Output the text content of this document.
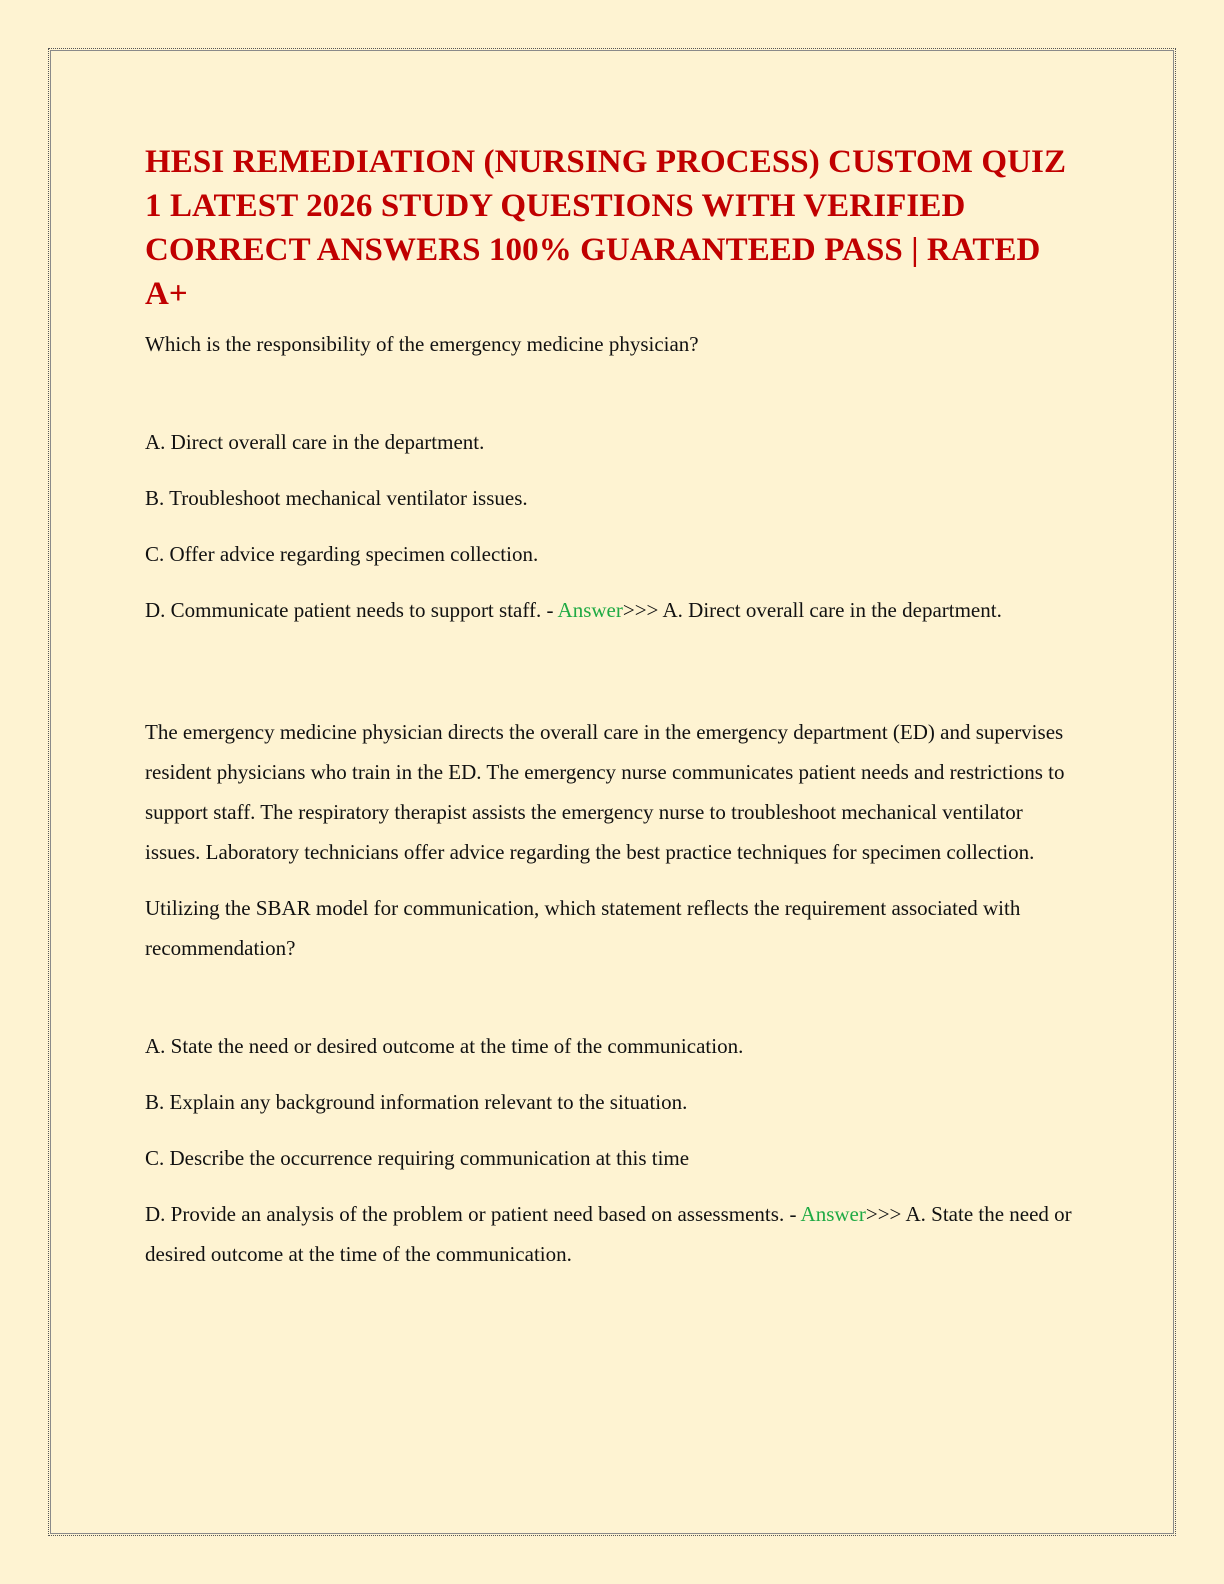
HESI REMEDIATION (NURSING PROCESS) CUSTOM QUIZ 1 LATEST 2026 STUDY QUESTIONS WITH VERIFIED CORRECT ANSWERS 100% GUARANTEED PASS | RATED A+

Which is the responsibility of the emergency medicine physician?

A. Direct overall care in the department.

B. Troubleshoot mechanical ventilator issues.

C. Offer advice regarding specimen collection.

D. Communicate patient needs to support staff. - Answer>>> A. Direct overall care in the department.

The emergency medicine physician directs the overall care in the emergency department (ED) and supervises resident physicians who train in the ED. The emergency nurse communicates patient needs and restrictions to support staff. The respiratory therapist assists the emergency nurse to troubleshoot mechanical ventilator issues. Laboratory technicians offer advice regarding the best practice techniques for specimen collection.

Utilizing the SBAR model for communication, which statement reflects the requirement associated with recommendation?

A. State the need or desired outcome at the time of the communication.

B. Explain any background information relevant to the situation.

C. Describe the occurrence requiring communication at this time

D. Provide an analysis of the problem or patient need based on assessments. - Answer>>> A. State the need or desired outcome at the time of the communication.
